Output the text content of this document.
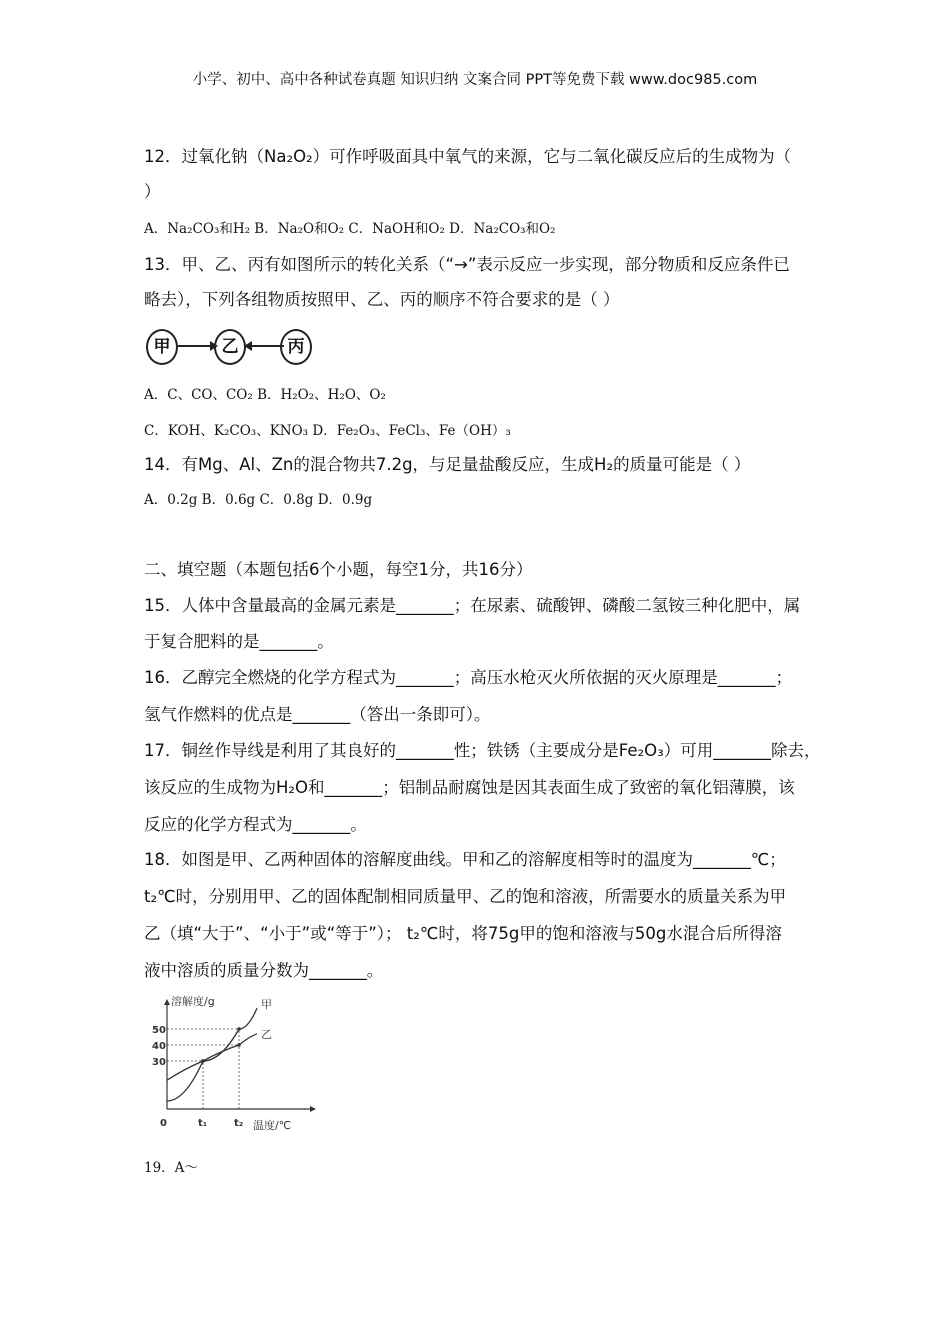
小学、初中、高中各种试卷真题 知识归纳 文案合同 PPT等免费下载 www.doc985.com
12．过氧化钠（Na₂O₂）可作呼吸面具中氧气的来源，它与二氧化碳反应后的生成物为（
）
A．Na₂CO₃和H₂ B．Na₂O和O₂ C．NaOH和O₂ D．Na₂CO₃和O₂
13．甲、乙、丙有如图所示的转化关系（“→”表示反应一步实现，部分物质和反应条件已
略去），下列各组物质按照甲、乙、丙的顺序不符合要求的是（ ）
甲	乙	丙
A．C、CO、CO₂ B．H₂O₂、H₂O、O₂
C．KOH、K₂CO₃、KNO₃ D．Fe₂O₃、FeCl₃、Fe（OH）₃
14．有Mg、Al、Zn的混合物共7.2g，与足量盐酸反应，生成H₂的质量可能是（ ）
A．0.2g B．0.6g C．0.8g D．0.9g
二、填空题（本题包括6个小题，每空1分，共16分）
15．人体中含量最高的金属元素是_______；在尿素、硫酸钾、磷酸二氢铵三种化肥中，属
于复合肥料的是_______。
16．乙醇完全燃烧的化学方程式为_______；高压水枪灭火所依据的灭火原理是_______；
氢气作燃料的优点是_______（答出一条即可）。
17．铜丝作导线是利用了其良好的_______性；铁锈（主要成分是Fe₂O₃）可用_______除去，
该反应的生成物为H₂O和_______；铝制品耐腐蚀是因其表面生成了致密的氧化铝薄膜，该
反应的化学方程式为_______。
18．如图是甲、乙两种固体的溶解度曲线。甲和乙的溶解度相等时的温度为_______℃；
t₂℃时，分别用甲、乙的固体配制相同质量甲、乙的饱和溶液，所需要水的质量关系为甲
乙（填“大于”、“小于”或“等于”）； t₂℃时，将75g甲的饱和溶液与50g水混合后所得溶
液中溶质的质量分数为_______。
溶解度/g
温度/℃
0
30
40
50
t₁	t₂
甲
乙
19．A～
